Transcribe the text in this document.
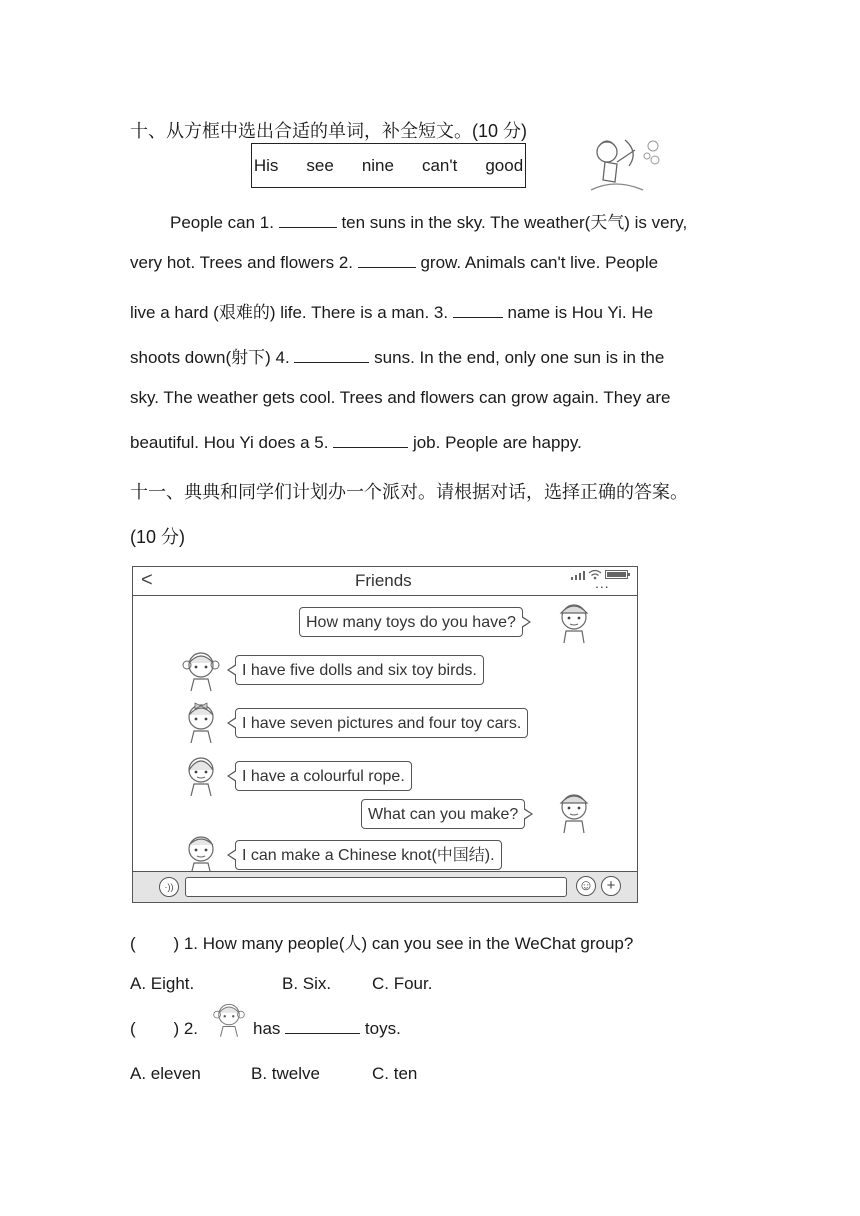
十、从方框中选出合适的单词，补全短文。(10 分)
His see nine can't good
People can 1.	ten suns in the sky. The weather(天气) is very,
very hot. Trees and flowers 2.	grow. Animals can't live. People
live a hard (艰难的) life. There is a man. 3.	name is Hou Yi. He
shoots down(射下) 4.	suns. In the end, only one sun is in the
sky. The weather gets cool. Trees and flowers can grow again. They are
beautiful. Hou Yi does a 5.	job. People are happy.
十一、典典和同学们计划办一个派对。请根据对话，选择正确的答案。
(10 分)
<	Friends	...
How many toys do you have?
I have five dolls and six toy birds.
I have seven pictures and four toy cars.
I have a colourful rope.
What can you make?
I can make a Chinese knot(中国结).
·))	☺ +
(        ) 1. How many people(人) can you see in the WeChat group?
A. Eight.	B. Six. C. Four.
(        ) 2.	has	toys.
A. eleven	B. twelve	C. ten
